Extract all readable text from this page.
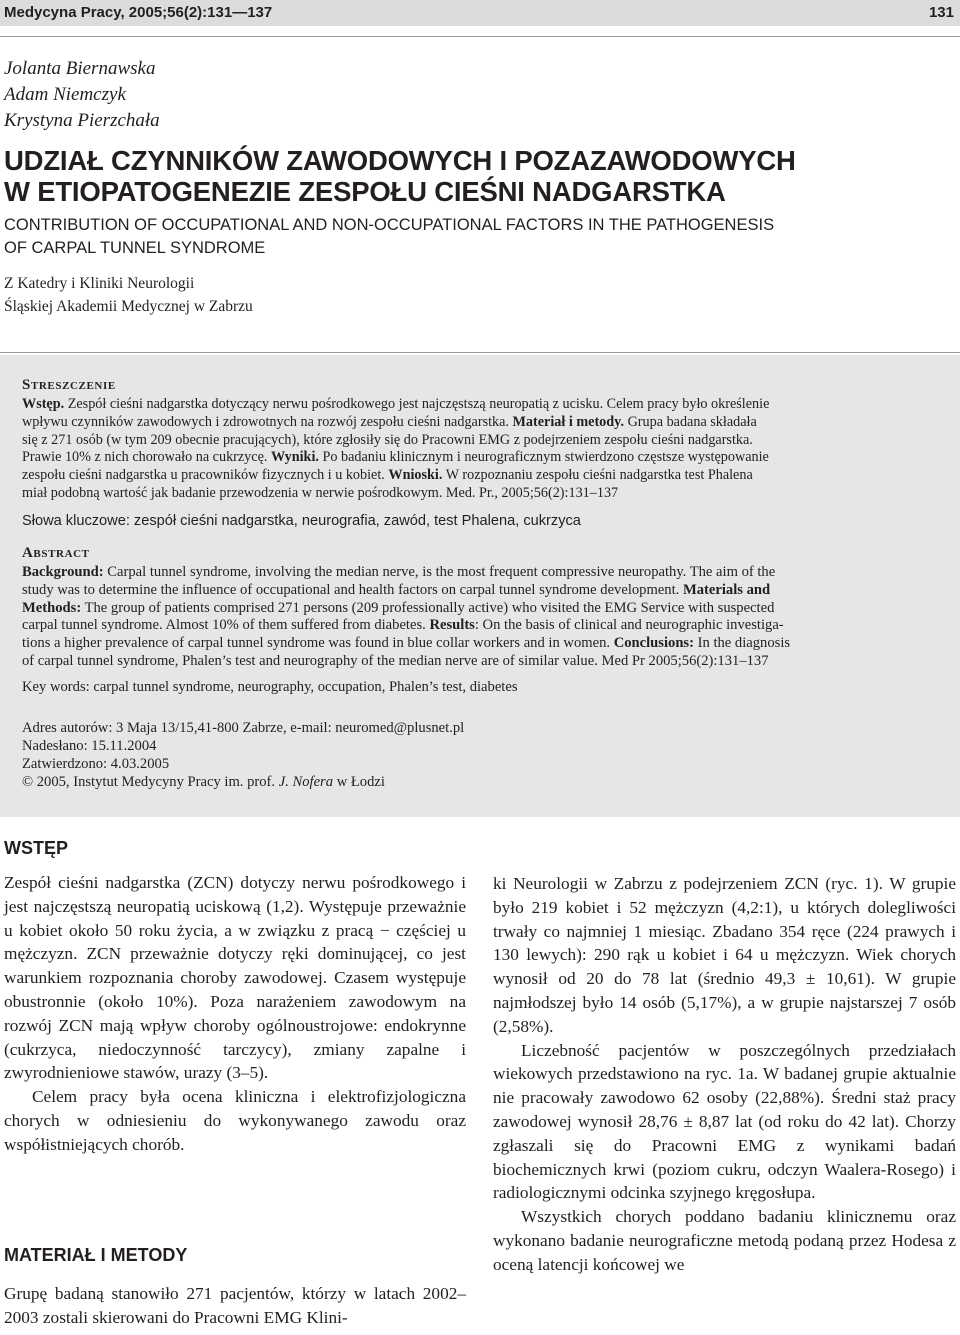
Medycyna Pracy, 2005;56(2):131—137	131
Jolanta Biernawska
Adam Niemczyk
Krystyna Pierzchała
UDZIAŁ CZYNNIKÓW ZAWODOWYCH I POZAZAWODOWYCH
W ETIOPATOGENEZIE ZESPOŁU CIEŚNI NADGARSTKA
CONTRIBUTION OF OCCUPATIONAL AND NON-OCCUPATIONAL FACTORS IN THE PATHOGENESIS
OF CARPAL TUNNEL SYNDROME
Z Katedry i Kliniki Neurologii
Śląskiej Akademii Medycznej w Zabrzu
Streszczenie
Wstęp. Zespół cieśni nadgarstka dotyczący nerwu pośrodkowego jest najczęstszą neuropatią z ucisku. Celem pracy było określenie
wpływu czynników zawodowych i zdrowotnych na rozwój zespołu cieśni nadgarstka. Materiał i metody. Grupa badana składała
się z 271 osób (w tym 209 obecnie pracujących), które zgłosiły się do Pracowni EMG z podejrzeniem zespołu cieśni nadgarstka.
Prawie 10% z nich chorowało na cukrzycę. Wyniki. Po badaniu klinicznym i neurograficznym stwierdzono częstsze występowanie
zespołu cieśni nadgarstka u pracowników fizycznych i u kobiet. Wnioski. W rozpoznaniu zespołu cieśni nadgarstka test Phalena
miał podobną wartość jak badanie przewodzenia w nerwie pośrodkowym. Med. Pr., 2005;56(2):131–137
Słowa kluczowe: zespół cieśni nadgarstka, neurografia, zawód, test Phalena, cukrzyca
Abstract
Background: Carpal tunnel syndrome, involving the median nerve, is the most frequent compressive neuropathy. The aim of the
study was to determine the influence of occupational and health factors on carpal tunnel syndrome development. Materials and
Methods: The group of patients comprised 271 persons (209 professionally active) who visited the EMG Service with suspected
carpal tunnel syndrome. Almost 10% of them suffered from diabetes. Results: On the basis of clinical and neurographic investiga-
tions a higher prevalence of carpal tunnel syndrome was found in blue collar workers and in women. Conclusions: In the diagnosis
of carpal tunnel syndrome, Phalen’s test and neurography of the median nerve are of similar value. Med Pr 2005;56(2):131–137
Key words: carpal tunnel syndrome, neurography, occupation, Phalen’s test, diabetes
Adres autorów: 3 Maja 13/15,41-800 Zabrze, e-mail: neuromed@plusnet.pl
Nadesłano: 15.11.2004
Zatwierdzono: 4.03.2005
© 2005, Instytut Medycyny Pracy im. prof. J. Nofera w Łodzi
WSTĘP

Zespół cieśni nadgarstka (ZCN) dotyczy nerwu pośrodkowego i jest najczęstszą neuropatią uciskową (1,2). Występuje przeważnie u kobiet około 50 roku życia, a w związku z pracą − częściej u mężczyzn. ZCN przeważnie dotyczy ręki dominującej, co jest warunkiem rozpoznania choroby zawodowej. Czasem występuje obustronnie (około 10%). Poza narażeniem zawodowym na rozwój ZCN mają wpływ choroby ogólnoustrojowe: endokrynne (cukrzyca, niedoczynność tarczycy), zmiany zapalne i zwyrodnieniowe stawów, urazy (3–5).

Celem pracy była ocena kliniczna i elektrofizjologiczna chorych w odniesieniu do wykonywanego zawodu oraz współistniejących chorób.

MATERIAŁ I METODY

Grupę badaną stanowiło 271 pacjentów, którzy w latach 2002–2003 zostali skierowani do Pracowni EMG Klini-

ki Neurologii w Zabrzu z podejrzeniem ZCN (ryc. 1). W grupie było 219 kobiet i 52 mężczyzn (4,2:1), u których dolegliwości trwały co najmniej 1 miesiąc. Zbadano 354 ręce (224 prawych i 130 lewych): 290 rąk u kobiet i 64 u mężczyzn. Wiek chorych wynosił od 20 do 78 lat (średnio 49,3 ± 10,61). W grupie najmłodszej było 14 osób (5,17%), a w grupie najstarszej 7 osób (2,58%).

Liczebność pacjentów w poszczególnych przedziałach wiekowych przedstawiono na ryc. 1a. W badanej grupie aktualnie nie pracowały zawodowo 62 osoby (22,88%). Średni staż pracy zawodowej wynosił 28,76 ± 8,87 lat (od roku do 42 lat). Chorzy zgłaszali się do Pracowni EMG z wynikami badań biochemicznych krwi (poziom cukru, odczyn Waalera-Rosego) i radiologicznymi odcinka szyjnego kręgosłupa.

Wszystkich chorych poddano badaniu klinicznemu oraz wykonano badanie neurograficzne metodą podaną przez Hodesa z oceną latencji końcowej we
